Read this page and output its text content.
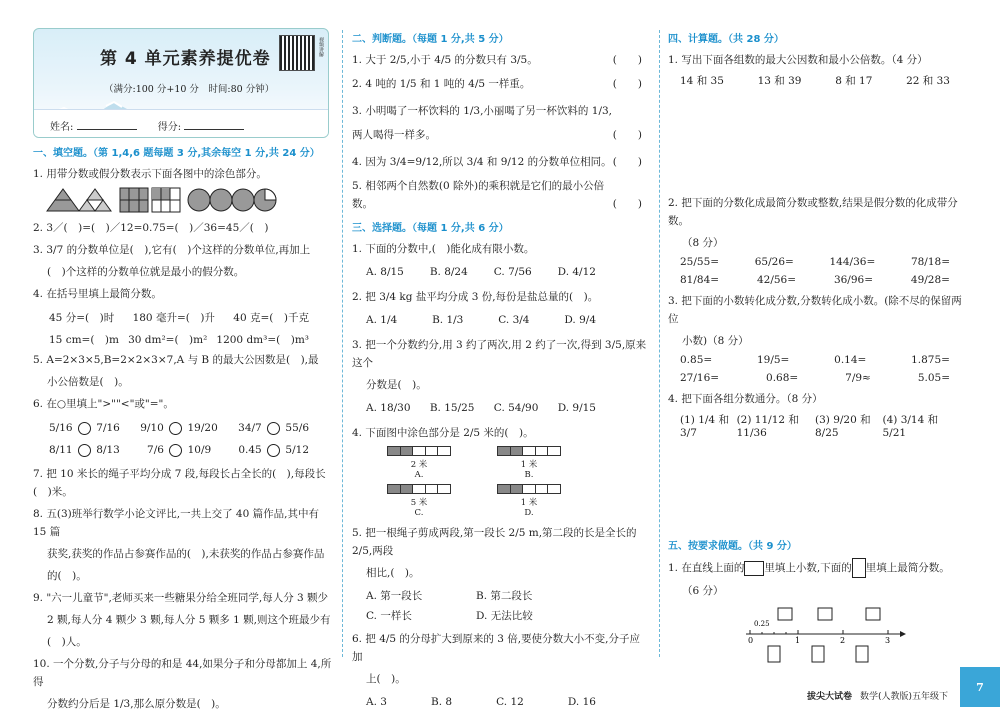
第 4 单元素养提优卷
视频讲解
（满分:100 分+10 分　时间:80 分钟）
姓名:	得分:
一、填空题。（第 1,4,6 题每题 3 分,其余每空 1 分,共 24 分）
1. 用带分数或假分数表示下面各图中的涂色部分。
2. 3／(　)=(　)／12=0.75=(　)／36=45／(　)
3. 3/7 的分数单位是(　),它有(　)个这样的分数单位,再加上
(　)个这样的分数单位就是最小的假分数。
4. 在括号里填上最简分数。
45 分=(　)时 180 毫升=(　)升 40 克=(　)千克
15 cm=(　)m 30 dm²=(　)m² 1200 dm³=(　)m³
5. A=2×3×5,B=2×2×3×7,A 与 B 的最大公因数是(　),最
小公倍数是(　)。
6. 在○里填上">""<"或"="。
5/16  7/16 9/10  19/20 34/7  55/6
8/11  8/13	7/6  10/9	0.45  5/12
7. 把 10 米长的绳子平均分成 7 段,每段长占全长的(　),每段长(　)米。
8. 五(3)班举行数学小论文评比,一共上交了 40 篇作品,其中有 15 篇
获奖,获奖的作品占参赛作品的(　),未获奖的作品占参赛作品
的(　)。
9. "六一儿童节",老师买来一些糖果分给全班同学,每人分 3 颗少
2 颗,每人分 4 颗少 3 颗,每人分 5 颗多 1 颗,则这个班最少有
(　)人。
10. 一个分数,分子与分母的和是 44,如果分子和分母都加上 4,所得
分数约分后是 1/3,那么原分数是(　)。
二、判断题。（每题 1 分,共 5 分）
1. 大于 2/5,小于 4/5 的分数只有 3/5。	(　　)
2. 4 吨的 1/5 和 1 吨的 4/5 一样重。	(　　)
3. 小明喝了一杯饮料的 1/3,小丽喝了另一杯饮料的 1/3,两人喝得一样多。	(　　)
4. 因为 3/4=9/12,所以 3/4 和 9/12 的分数单位相同。 (　　)
5. 相邻两个自然数(0 除外)的乘积就是它们的最小公倍数。	(　　)
三、选择题。（每题 1 分,共 6 分）
1. 下面的分数中,(　)能化成有限小数。
A. 8/15 B. 8/24 C. 7/56 D. 4/12
2. 把 3/4 kg 盐平均分成 3 份,每份是盐总量的(　)。
A. 1/4	B. 1/3	C. 3/4	D. 9/4
3. 把一个分数约分,用 3 约了两次,用 2 约了一次,得到 3/5,原来这个
分数是(　)。
A. 18/30 B. 15/25 C. 54/90 D. 9/15
4. 下面图中涂色部分是 2/5 米的(　)。

2 米
A.

1 米
B.

5 米
C.

1 米
D.
5. 把一根绳子剪成两段,第一段长 2/5 m,第二段的长是全长的 2/5,两段
相比,(　)。
A. 第一段长	B. 第二段长
C. 一样长	D. 无法比较
6. 把 4/5 的分母扩大到原来的 3 倍,要使分数大小不变,分子应加
上(　)。
A. 3	B. 8	C. 12	D. 16
四、计算题。（共 28 分）
1. 写出下面各组数的最大公因数和最小公倍数。（4 分）
14 和 35	13 和 39	8 和 17	22 和 33
2. 把下面的分数化成最简分数或整数,结果是假分数的化成带分数。
（8 分）
25/55=	65/26=	144/36=	78/18=
81/84=	42/56=	36/96=	49/28=
3. 把下面的小数转化成分数,分数转化成小数。(除不尽的保留两位
小数)（8 分）
0.85=	19/5=	0.14=	1.875=
27/16=	0.68=	7/9≈	5.05=
4. 把下面各组分数通分。（8 分）
(1) 1/4 和 3/7
(2) 11/12 和 11/36
(3) 9/20 和 8/25
(4) 3/14 和 5/21
五、按要求做题。（共 9 分）
1. 在直线上面的 里填上小数,下面的 里填上最简分数。
（6 分）
0
0.25
1	2	3
拔尖大试卷 数学(人教版)五年级下
7
